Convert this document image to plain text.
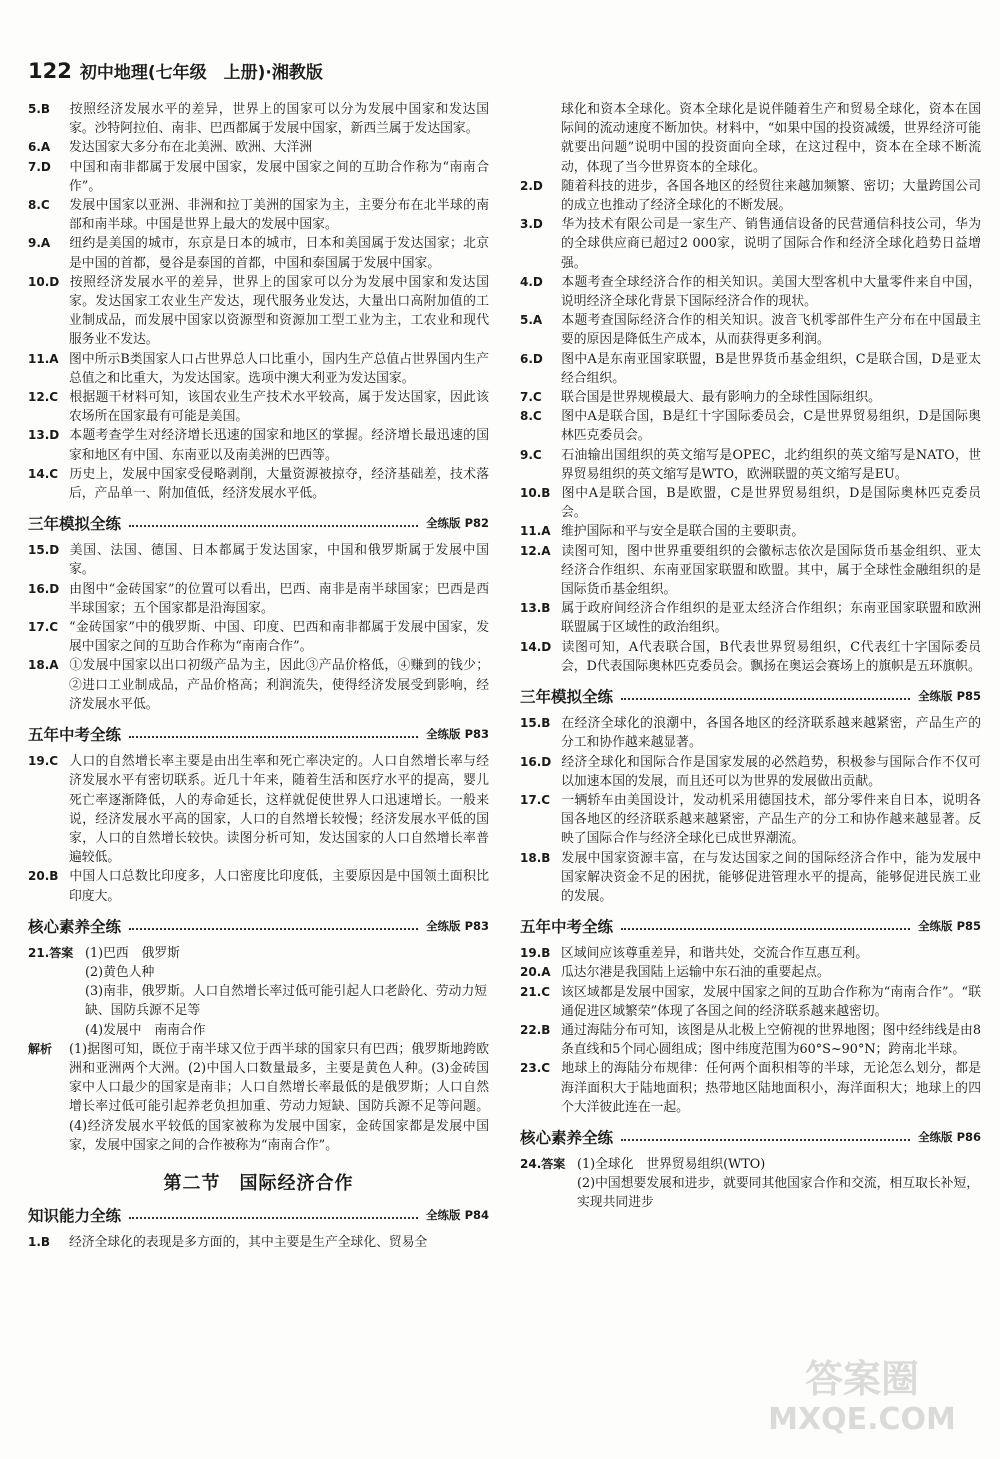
122 初中地理(七年级　上册)·湘教版

5.B 按照经济发展水平的差异，世界上的国家可以分为发展中国家和发达国家。沙特阿拉伯、南非、巴西都属于发展中国家，新西兰属于发达国家。

6.A 发达国家大多分布在北美洲、欧洲、大洋洲

7.D 中国和南非都属于发展中国家，发展中国家之间的互助合作称为“南南合作”。

8.C 发展中国家以亚洲、非洲和拉丁美洲的国家为主，主要分布在北半球的南部和南半球。中国是世界上最大的发展中国家。

9.A 纽约是美国的城市，东京是日本的城市，日本和美国属于发达国家；北京是中国的首都，曼谷是泰国的首都，中国和泰国属于发展中国家。

10.D 按照经济发展水平的差异，世界上的国家可以分为发展中国家和发达国家。发达国家工农业生产发达，现代服务业发达，大量出口高附加值的工业制成品，而发展中国家以资源型和资源加工型工业为主，工农业和现代服务业不发达。

11.A 图中所示B类国家人口占世界总人口比重小，国内生产总值占世界国内生产总值之和比重大，为发达国家。选项中澳大利亚为发达国家。

12.C 根据题干材料可知，该国农业生产技术水平较高，属于发达国家，因此该农场所在国家最有可能是美国。

13.D 本题考查学生对经济增长迅速的国家和地区的掌握。经济增长最迅速的国家和地区有中国、东南亚以及南美洲的巴西等。

14.C 历史上，发展中国家受侵略剥削，大量资源被掠夺，经济基础差，技术落后，产品单一、附加值低，经济发展水平低。

三年模拟全练	全练版 P82

15.D 美国、法国、德国、日本都属于发达国家，中国和俄罗斯属于发展中国家。

16.D 由图中“金砖国家”的位置可以看出，巴西、南非是南半球国家；巴西是西半球国家；五个国家都是沿海国家。

17.C “金砖国家”中的俄罗斯、中国、印度、巴西和南非都属于发展中国家，发展中国家之间的互助合作称为“南南合作”。

18.A ①发展中国家以出口初级产品为主，因此③产品价格低，④赚到的钱少；②进口工业制成品，产品价格高；利润流失，使得经济发展受到影响，经济发展水平低。

五年中考全练	全练版 P83

19.C 人口的自然增长率主要是由出生率和死亡率决定的。人口自然增长率与经济发展水平有密切联系。近几十年来，随着生活和医疗水平的提高，婴儿死亡率逐渐降低，人的寿命延长，这样就促使世界人口迅速增长。一般来说，经济发展水平高的国家，人口的自然增长较慢；经济发展水平低的国家，人口的自然增长较快。读图分析可知，发达国家的人口自然增长率普遍较低。

20.B 中国人口总数比印度多，人口密度比印度低，主要原因是中国领土面积比印度大。

核心素养全练	全练版 P83

21.答案 (1)巴西　俄罗斯

(2)黄色人种

(3)南非，俄罗斯。人口自然增长率过低可能引起人口老龄化、劳动力短缺、国防兵源不足等

(4)发展中　南南合作

解析 (1)据图可知，既位于南半球又位于西半球的国家只有巴西；俄罗斯地跨欧洲和亚洲两个大洲。(2)中国人口数量最多，主要是黄色人种。(3)金砖国家中人口最少的国家是南非；人口自然增长率最低的是俄罗斯；人口自然增长率过低可能引起养老负担加重、劳动力短缺、国防兵源不足等问题。(4)经济发展水平较低的国家被称为发展中国家，金砖国家都是发展中国家，发展中国家之间的合作被称为“南南合作”。

第二节　国际经济合作
知识能力全练	全练版 P84

1.B 经济全球化的表现是多方面的，其中主要是生产全球化、贸易全

球化和资本全球化。资本全球化是说伴随着生产和贸易全球化，资本在国际间的流动速度不断加快。材料中，“如果中国的投资减缓，世界经济可能就要出问题”说明中国的投资面向全球，在这过程中，资本在全球不断流动，体现了当今世界资本的全球化。

2.D 随着科技的进步，各国各地区的经贸往来越加频繁、密切；大量跨国公司的成立也推动了经济全球化的不断发展。

3.D 华为技术有限公司是一家生产、销售通信设备的民营通信科技公司，华为的全球供应商已超过2 000家，说明了国际合作和经济全球化趋势日益增强。

4.D 本题考查全球经济合作的相关知识。美国大型客机中大量零件来自中国，说明经济全球化背景下国际经济合作的现状。

5.A 本题考查国际经济合作的相关知识。波音飞机零部件生产分布在中国最主要的原因是降低生产成本，从而获得更多利润。

6.D 图中A是东南亚国家联盟，B是世界货币基金组织，C是联合国，D是亚太经合组织。

7.C 联合国是世界规模最大、最有影响力的全球性国际组织。

8.C 图中A是联合国，B是红十字国际委员会，C是世界贸易组织，D是国际奥林匹克委员会。

9.C 石油输出国组织的英文缩写是OPEC，北约组织的英文缩写是NATO，世界贸易组织的英文缩写是WTO，欧洲联盟的英文缩写是EU。

10.B 图中A是联合国，B是欧盟，C是世界贸易组织，D是国际奥林匹克委员会。

11.A 维护国际和平与安全是联合国的主要职责。

12.A 读图可知，图中世界重要组织的会徽标志依次是国际货币基金组织、亚太经济合作组织、东南亚国家联盟和欧盟。其中，属于全球性金融组织的是国际货币基金组织。

13.B 属于政府间经济合作组织的是亚太经济合作组织；东南亚国家联盟和欧洲联盟属于区域性的政治组织。

14.D 读图可知，A代表联合国，B代表世界贸易组织，C代表红十字国际委员会，D代表国际奥林匹克委员会。飘扬在奥运会赛场上的旗帜是五环旗帜。

三年模拟全练	全练版 P85

15.B 在经济全球化的浪潮中，各国各地区的经济联系越来越紧密，产品生产的分工和协作越来越显著。

16.D 经济全球化和国际合作是国家发展的必然趋势，积极参与国际合作不仅可以加速本国的发展，而且还可以为世界的发展做出贡献。

17.C 一辆轿车由美国设计，发动机采用德国技术，部分零件来自日本，说明各国各地区的经济联系越来越紧密，产品生产的分工和协作越来越显著。反映了国际合作与经济全球化已成世界潮流。

18.B 发展中国家资源丰富，在与发达国家之间的国际经济合作中，能为发展中国家解决资金不足的困扰，能够促进管理水平的提高，能够促进民族工业的发展。

五年中考全练	全练版 P85

19.B 区域间应该尊重差异，和谐共处，交流合作互惠互利。

20.A 瓜达尔港是我国陆上运输中东石油的重要起点。

21.C 该区域都是发展中国家，发展中国家之间的互助合作称为“南南合作”。“联通促进区域繁荣”体现了各国之间的经济联系越来越密切。

22.B 通过海陆分布可知，该图是从北极上空俯视的世界地图；图中经纬线是由8条直线和5个同心圆组成；图中纬度范围为60°S~90°N；跨南北半球。

23.C 地球上的海陆分布规律：任何两个面积相等的半球，无论怎么划分，都是海洋面积大于陆地面积；热带地区陆地面积小，海洋面积大；地球上的四个大洋彼此连在一起。

核心素养全练	全练版 P86

24.答案 (1)全球化　世界贸易组织(WTO)

(2)中国想要发展和进步，就要同其他国家合作和交流，相互取长补短，实现共同进步

答案圈
MXQE.COM
